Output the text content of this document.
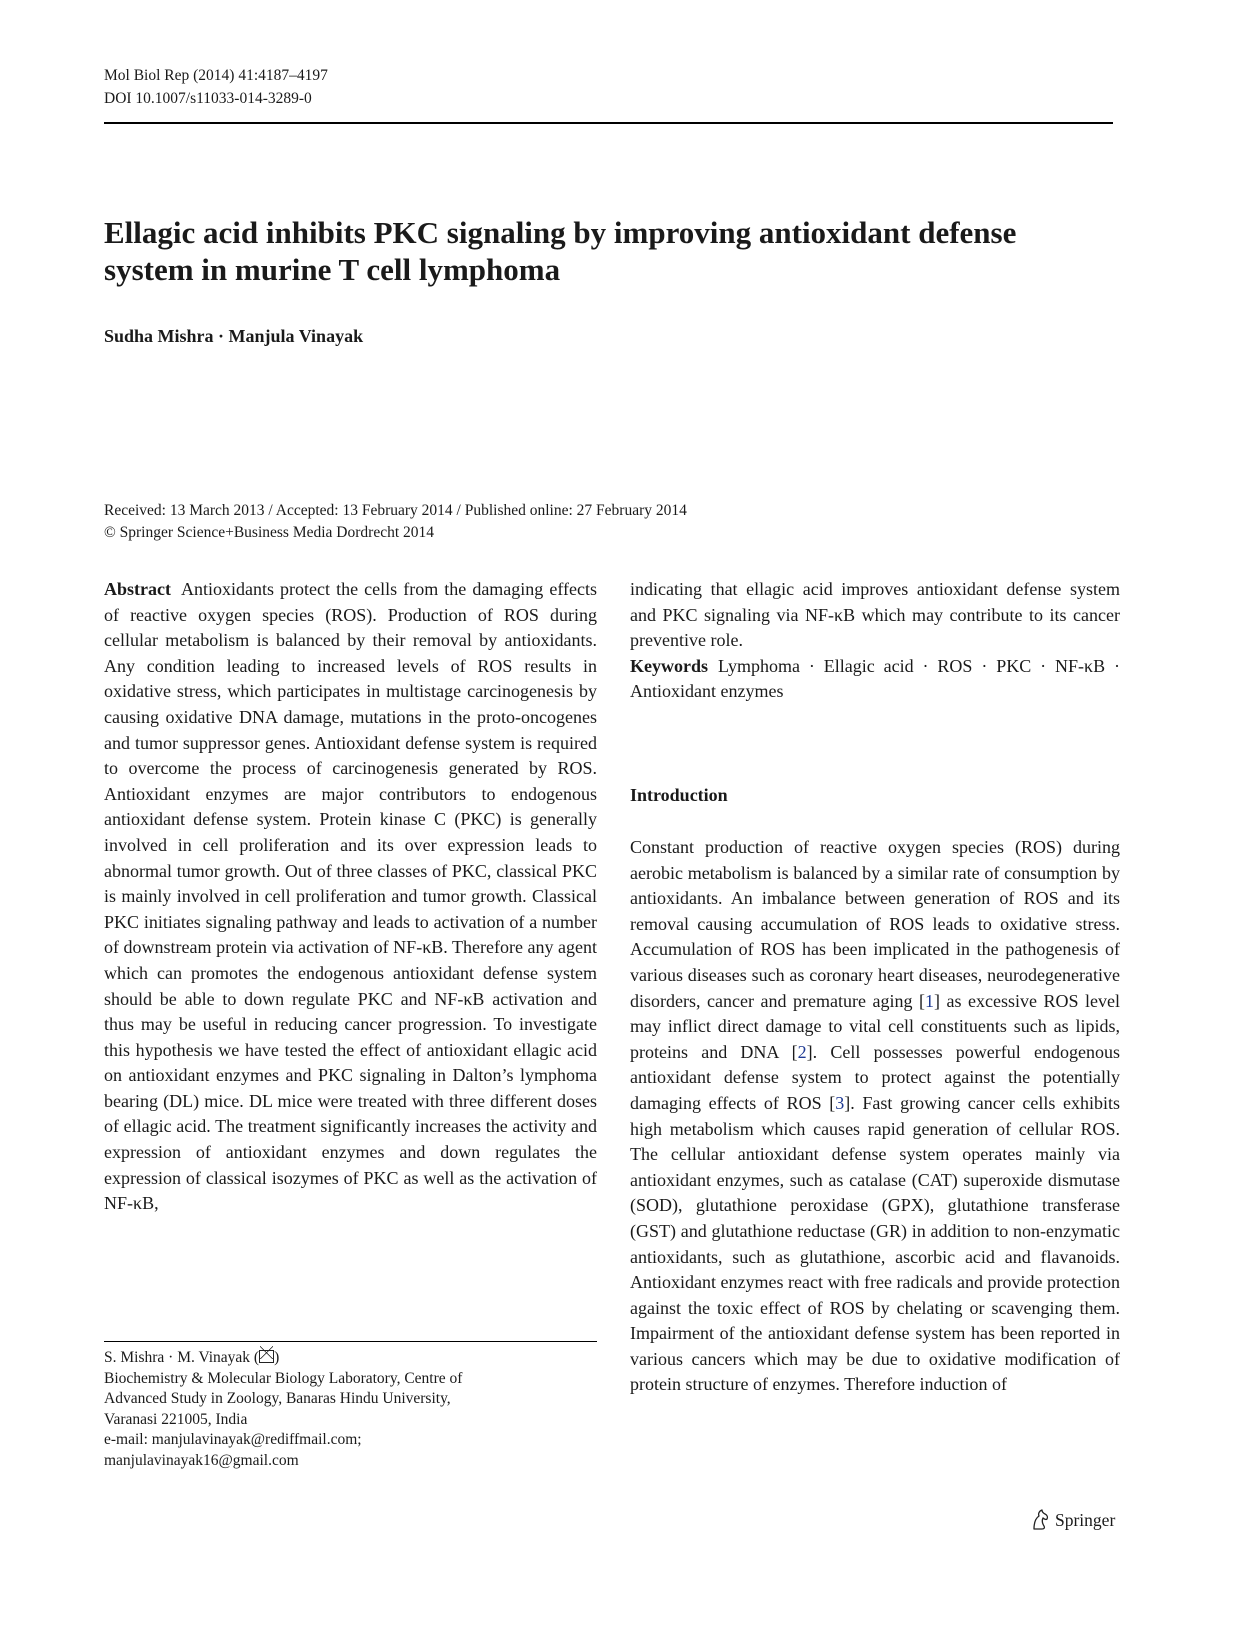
Mol Biol Rep (2014) 41:4187–4197
DOI 10.1007/s11033-014-3289-0
Ellagic acid inhibits PKC signaling by improving antioxidant defense system in murine T cell lymphoma
Sudha Mishra · Manjula Vinayak
Received: 13 March 2013 / Accepted: 13 February 2014 / Published online: 27 February 2014
© Springer Science+Business Media Dordrecht 2014

Abstract Antioxidants protect the cells from the damaging effects of reactive oxygen species (ROS). Production of ROS during cellular metabolism is balanced by their removal by antioxidants. Any condition leading to increased levels of ROS results in oxidative stress, which participates in multistage carcinogenesis by causing oxidative DNA damage, mutations in the proto-oncogenes and tumor suppressor genes. Antioxidant defense system is required to overcome the process of carcinogenesis generated by ROS. Antioxidant enzymes are major contributors to endogenous antioxidant defense system. Protein kinase C (PKC) is generally involved in cell proliferation and its over expression leads to abnormal tumor growth. Out of three classes of PKC, classical PKC is mainly involved in cell proliferation and tumor growth. Classical PKC initiates signaling pathway and leads to activation of a number of downstream protein via activation of NF-κB. Therefore any agent which can promotes the endogenous antioxidant defense system should be able to down regulate PKC and NF-κB activation and thus may be useful in reducing cancer progression. To investigate this hypothesis we have tested the effect of antioxidant ellagic acid on antioxidant enzymes and PKC signaling in Dalton’s lymphoma bearing (DL) mice. DL mice were treated with three different doses of ellagic acid. The treatment significantly increases the activity and expression of antioxidant enzymes and down regulates the expression of classical isozymes of PKC as well as the activation of NF-κB,

indicating that ellagic acid improves antioxidant defense system and PKC signaling via NF-κB which may contribute to its cancer preventive role.

Keywords Lymphoma · Ellagic acid · ROS · PKC · NF-κB · Antioxidant enzymes

Introduction

Constant production of reactive oxygen species (ROS) during aerobic metabolism is balanced by a similar rate of consumption by antioxidants. An imbalance between generation of ROS and its removal causing accumulation of ROS leads to oxidative stress. Accumulation of ROS has been implicated in the pathogenesis of various diseases such as coronary heart diseases, neurodegenerative disorders, cancer and premature aging [1] as excessive ROS level may inflict direct damage to vital cell constituents such as lipids, proteins and DNA [2]. Cell possesses powerful endogenous antioxidant defense system to protect against the potentially damaging effects of ROS [3]. Fast growing cancer cells exhibits high metabolism which causes rapid generation of cellular ROS. The cellular antioxidant defense system operates mainly via antioxidant enzymes, such as catalase (CAT) superoxide dismutase (SOD), glutathione peroxidase (GPX), glutathione transferase (GST) and glutathione reductase (GR) in addition to non-enzymatic antioxidants, such as glutathione, ascorbic acid and flavanoids. Antioxidant enzymes react with free radicals and provide protection against the toxic effect of ROS by chelating or scavenging them. Impairment of the antioxidant defense system has been reported in various cancers which may be due to oxidative modification of protein structure of enzymes. Therefore induction of

S. Mishra · M. Vinayak ( )
Biochemistry & Molecular Biology Laboratory, Centre of
Advanced Study in Zoology, Banaras Hindu University,
Varanasi 221005, India
e-mail: manjulavinayak@rediffmail.com;
manjulavinayak16@gmail.com
Springer
